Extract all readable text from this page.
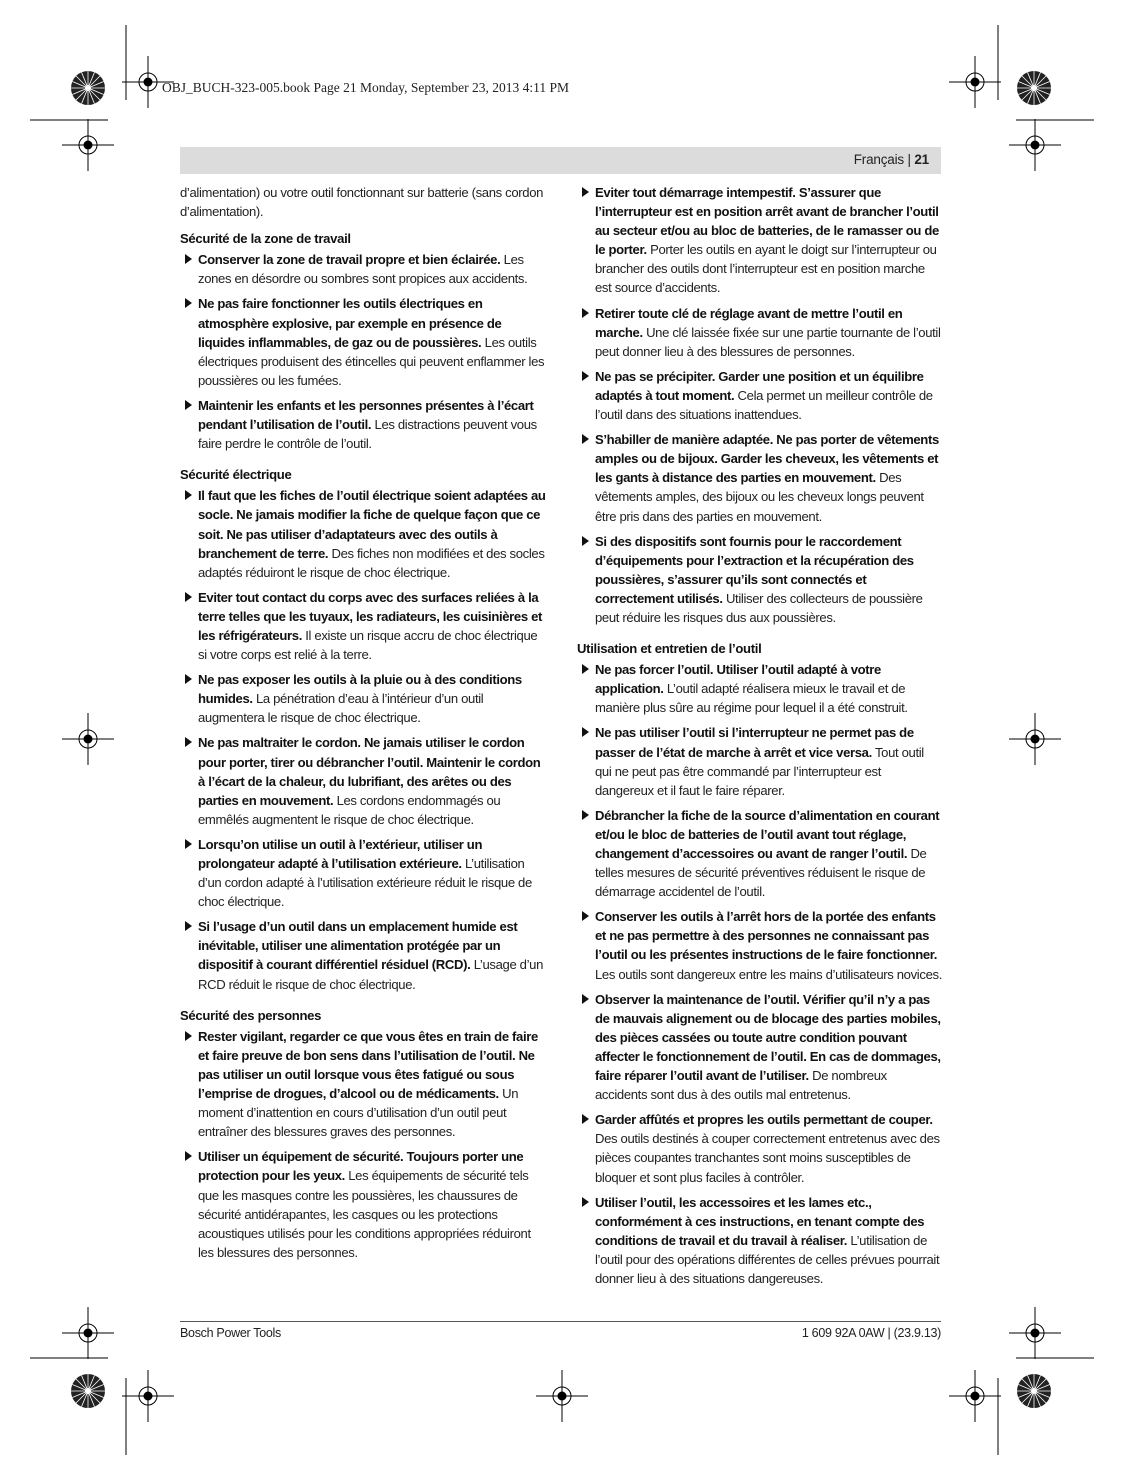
OBJ_BUCH-323-005.book Page 21 Monday, September 23, 2013 4:11 PM
Français | 21

d’alimentation) ou votre outil fonctionnant sur batterie (sans cordon d’alimentation).

Sécurité de la zone de travail
Conserver la zone de travail propre et bien éclairée. Les zones en désordre ou sombres sont propices aux accidents.
Ne pas faire fonctionner les outils électriques en atmosphère explosive, par exemple en présence de liquides inflammables, de gaz ou de poussières. Les outils électriques produisent des étincelles qui peuvent enflammer les poussières ou les fumées.
Maintenir les enfants et les personnes présentes à l’écart pendant l’utilisation de l’outil. Les distractions peuvent vous faire perdre le contrôle de l’outil.
Sécurité électrique
Il faut que les fiches de l’outil électrique soient adaptées au socle. Ne jamais modifier la fiche de quelque façon que ce soit. Ne pas utiliser d’adaptateurs avec des outils à branchement de terre. Des fiches non modifiées et des socles adaptés réduiront le risque de choc électrique.
Eviter tout contact du corps avec des surfaces reliées à la terre telles que les tuyaux, les radiateurs, les cuisinières et les réfrigérateurs. Il existe un risque accru de choc électrique si votre corps est relié à la terre.
Ne pas exposer les outils à la pluie ou à des conditions humides. La pénétration d’eau à l’intérieur d’un outil augmentera le risque de choc électrique.
Ne pas maltraiter le cordon. Ne jamais utiliser le cordon pour porter, tirer ou débrancher l’outil. Maintenir le cordon à l’écart de la chaleur, du lubrifiant, des arêtes ou des parties en mouvement. Les cordons endommagés ou emmêlés augmentent le risque de choc électrique.
Lorsqu’on utilise un outil à l’extérieur, utiliser un prolongateur adapté à l’utilisation extérieure. L’utilisation d’un cordon adapté à l’utilisation extérieure réduit le risque de choc électrique.
Si l’usage d’un outil dans un emplacement humide est inévitable, utiliser une alimentation protégée par un dispositif à courant différentiel résiduel (RCD). L’usage d’un RCD réduit le risque de choc électrique.
Sécurité des personnes
Rester vigilant, regarder ce que vous êtes en train de faire et faire preuve de bon sens dans l’utilisation de l’outil. Ne pas utiliser un outil lorsque vous êtes fatigué ou sous l’emprise de drogues, d’alcool ou de médicaments. Un moment d’inattention en cours d’utilisation d’un outil peut entraîner des blessures graves des personnes.
Utiliser un équipement de sécurité. Toujours porter une protection pour les yeux. Les équipements de sécurité tels que les masques contre les poussières, les chaussures de sécurité antidérapantes, les casques ou les protections acoustiques utilisés pour les conditions appropriées réduiront les blessures des personnes.
Eviter tout démarrage intempestif. S’assurer que l’interrupteur est en position arrêt avant de brancher l’outil au secteur et/ou au bloc de batteries, de le ramasser ou de le porter. Porter les outils en ayant le doigt sur l’interrupteur ou brancher des outils dont l’interrupteur est en position marche est source d’accidents.
Retirer toute clé de réglage avant de mettre l’outil en marche. Une clé laissée fixée sur une partie tournante de l’outil peut donner lieu à des blessures de personnes.
Ne pas se précipiter. Garder une position et un équilibre adaptés à tout moment. Cela permet un meilleur contrôle de l’outil dans des situations inattendues.
S’habiller de manière adaptée. Ne pas porter de vêtements amples ou de bijoux. Garder les cheveux, les vêtements et les gants à distance des parties en mouvement. Des vêtements amples, des bijoux ou les cheveux longs peuvent être pris dans des parties en mouvement.
Si des dispositifs sont fournis pour le raccordement d’équipements pour l’extraction et la récupération des poussières, s’assurer qu’ils sont connectés et correctement utilisés. Utiliser des collecteurs de poussière peut réduire les risques dus aux poussières.
Utilisation et entretien de l’outil
Ne pas forcer l’outil. Utiliser l’outil adapté à votre application. L’outil adapté réalisera mieux le travail et de manière plus sûre au régime pour lequel il a été construit.
Ne pas utiliser l’outil si l’interrupteur ne permet pas de passer de l’état de marche à arrêt et vice versa. Tout outil qui ne peut pas être commandé par l’interrupteur est dangereux et il faut le faire réparer.
Débrancher la fiche de la source d’alimentation en courant et/ou le bloc de batteries de l’outil avant tout réglage, changement d’accessoires ou avant de ranger l’outil. De telles mesures de sécurité préventives réduisent le risque de démarrage accidentel de l’outil.
Conserver les outils à l’arrêt hors de la portée des enfants et ne pas permettre à des personnes ne connaissant pas l’outil ou les présentes instructions de le faire fonctionner. Les outils sont dangereux entre les mains d’utilisateurs novices.
Observer la maintenance de l’outil. Vérifier qu’il n’y a pas de mauvais alignement ou de blocage des parties mobiles, des pièces cassées ou toute autre condition pouvant affecter le fonctionnement de l’outil. En cas de dommages, faire réparer l’outil avant de l’utiliser. De nombreux accidents sont dus à des outils mal entretenus.
Garder affûtés et propres les outils permettant de couper. Des outils destinés à couper correctement entretenus avec des pièces coupantes tranchantes sont moins susceptibles de bloquer et sont plus faciles à contrôler.
Utiliser l’outil, les accessoires et les lames etc., conformément à ces instructions, en tenant compte des conditions de travail et du travail à réaliser. L’utilisation de l’outil pour des opérations différentes de celles prévues pourrait donner lieu à des situations dangereuses.
Bosch Power Tools	1 609 92A 0AW | (23.9.13)
